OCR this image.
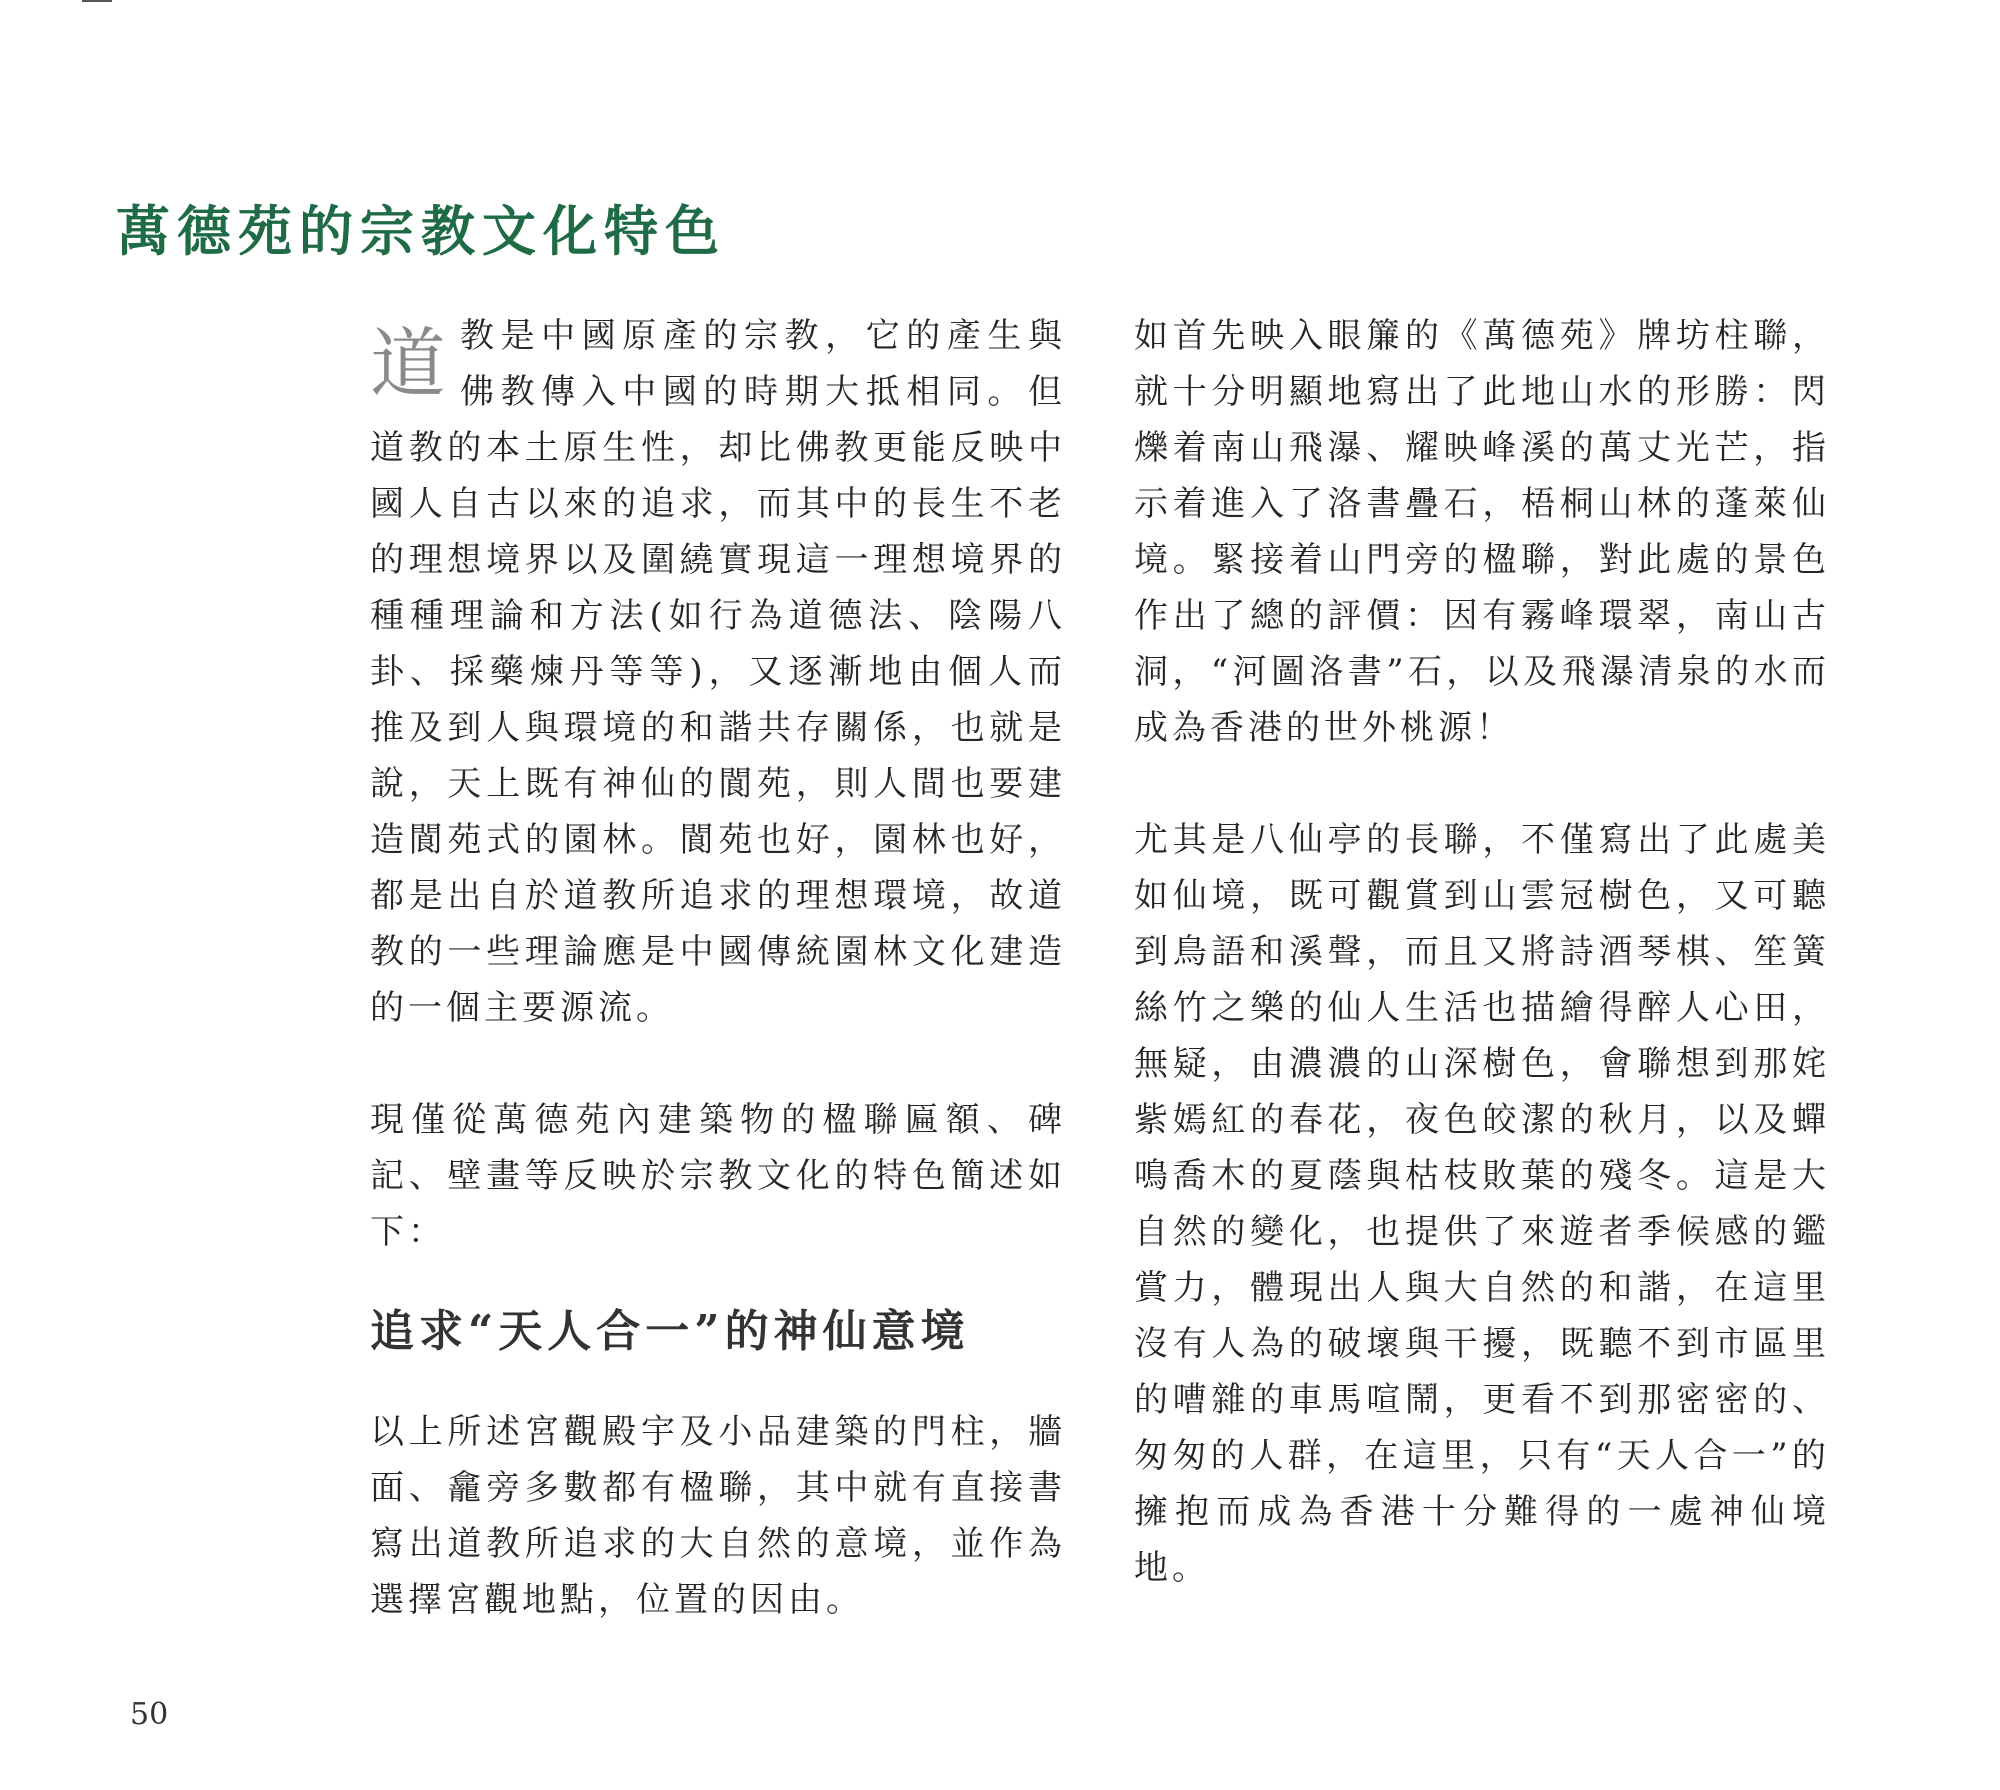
萬德苑的宗教文化特色

道教是中國原產的宗教，它的產生與佛教傳入中國的時期大抵相同。但道教的本土原生性，却比佛教更能反映中國人自古以來的追求，而其中的長生不老的理想境界以及圍繞實現這一理想境界的種種理論和方法(如行為道德法、陰陽八卦、採藥煉丹等等)，又逐漸地由個人而推及到人與環境的和諧共存關係，也就是說，天上既有神仙的閬苑，則人間也要建造閬苑式的園林。閬苑也好，園林也好，都是出自於道教所追求的理想環境，故道教的一些理論應是中國傳統園林文化建造的一個主要源流。

現僅從萬德苑內建築物的楹聯匾額、碑記、壁畫等反映於宗教文化的特色簡述如下：

追求“天人合一”的神仙意境

以上所述宮觀殿宇及小品建築的門柱，牆面、龕旁多數都有楹聯，其中就有直接書寫出道教所追求的大自然的意境，並作為選擇宮觀地點，位置的因由。

如首先映入眼簾的《萬德苑》牌坊柱聯，就十分明顯地寫出了此地山水的形勝：閃爍着南山飛瀑、耀映峰溪的萬丈光芒，指示着進入了洛書疊石，梧桐山林的蓬萊仙境。緊接着山門旁的楹聯，對此處的景色作出了總的評價：因有霧峰環翠，南山古洞，“河圖洛書”石，以及飛瀑清泉的水而成為香港的世外桃源！

尤其是八仙亭的長聯，不僅寫出了此處美如仙境，既可觀賞到山雲冠樹色，又可聽到鳥語和溪聲，而且又將詩酒琴棋、笙簧絲竹之樂的仙人生活也描繪得醉人心田，無疑，由濃濃的山深樹色，會聯想到那姹紫嫣紅的春花，夜色皎潔的秋月，以及蟬鳴喬木的夏蔭與枯枝敗葉的殘冬。這是大自然的變化，也提供了來遊者季候感的鑑賞力，體現出人與大自然的和諧，在這里沒有人為的破壞與干擾，既聽不到市區里的嘈雜的車馬喧鬧，更看不到那密密的、匆匆的人群，在這里，只有“天人合一”的擁抱而成為香港十分難得的一處神仙境地。

50
